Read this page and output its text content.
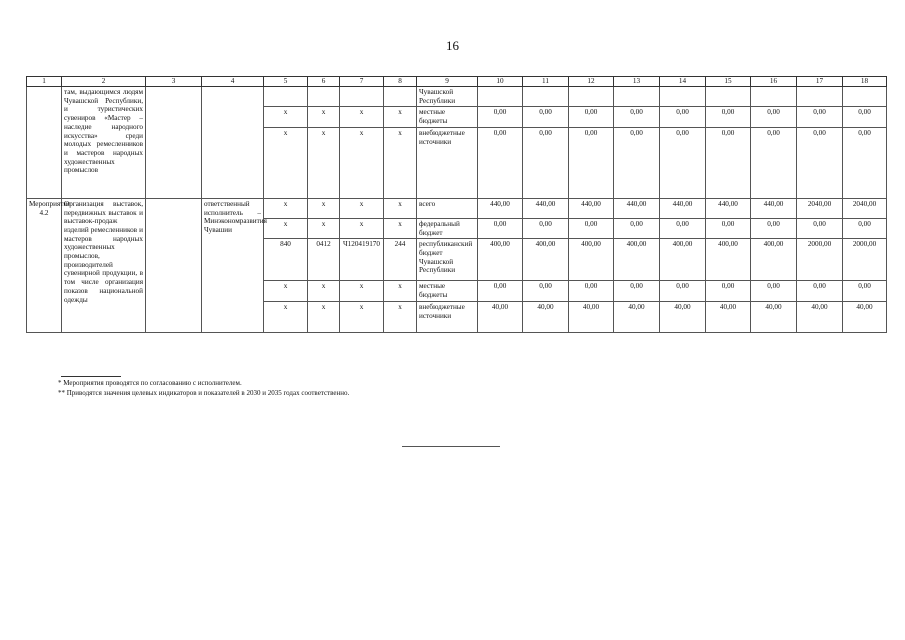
16
1	2	3	4	5	6	7	8	9	10	11	12	13	14	15	16	17	18
	там, выдающимся людям Чувашской Республики, и туристических сувениров «Мастер – наследие народного искусства» среди молодых ремесленников и мастеров народных художественных промыслов							Чувашской Республики									
				x	x	x	x	местные бюджеты	0,00	0,00	0,00	0,00	0,00	0,00	0,00	0,00	0,00
				x	x	x	x	внебюджетные источники	0,00	0,00	0,00	0,00	0,00	0,00	0,00	0,00	0,00
Мероприятие 4.2	Организация выставок, передвижных выставок и выставок-продаж изделий ремесленников и мастеров народных художественных промыслов, производителей сувенирной продукции, в том числе организация показов национальной одежды		ответственный исполнитель – Минэкономразвития Чувашии	x	x	x	x	всего	440,00	440,00	440,00	440,00	440,00	440,00	440,00	2040,00	2040,00
				x	x	x	x	федеральный бюджет	0,00	0,00	0,00	0,00	0,00	0,00	0,00	0,00	0,00
				840	0412	Ч120419170	244	республиканский бюджет Чувашской Республики	400,00	400,00	400,00	400,00	400,00	400,00	400,00	2000,00	2000,00
				x	x	x	x	местные бюджеты	0,00	0,00	0,00	0,00	0,00	0,00	0,00	0,00	0,00
				x	x	x	x	внебюджетные источники	40,00	40,00	40,00	40,00	40,00	40,00	40,00	40,00	40,00
* Мероприятия проводятся по согласованию с исполнителем.
** Приводятся значения целевых индикаторов и показателей в 2030 и 2035 годах соответственно.
